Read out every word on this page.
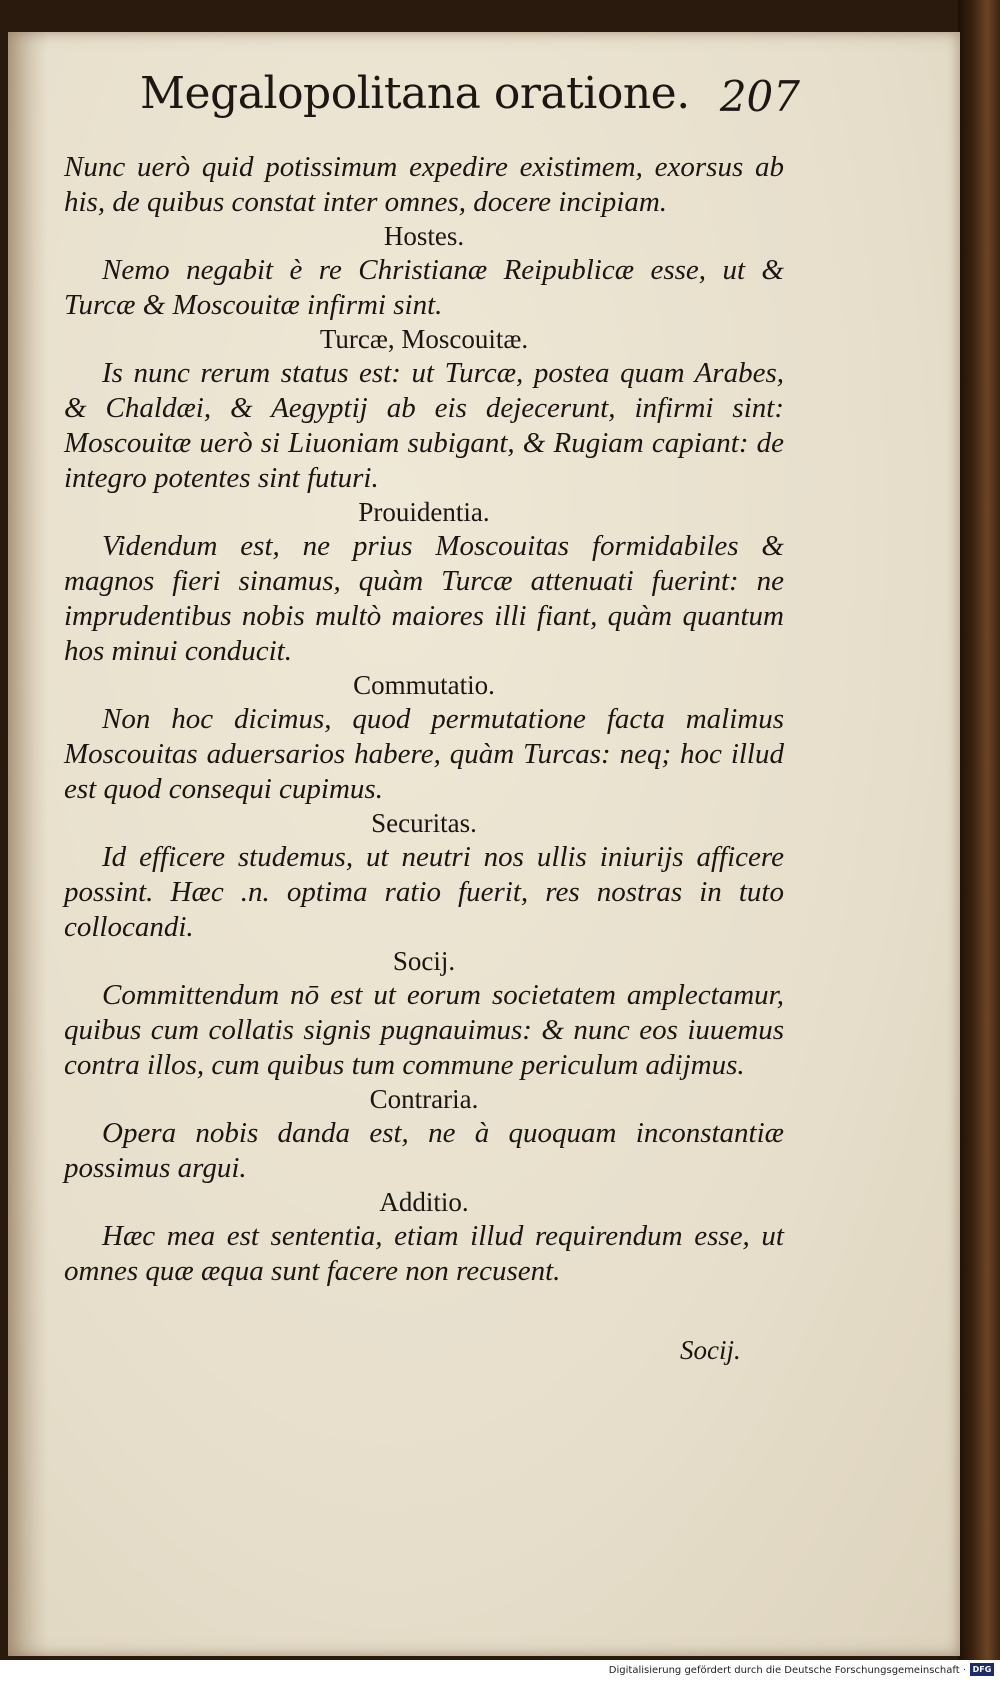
Megalopolitana oratione. 207

Nunc uerò quid potissimum expedire existimem, exorsus ab his, de quibus constat inter omnes, docere incipiam.

Hostes.

Nemo negabit è re Christianæ Reipublicæ esse, ut & Turcæ & Moscouitæ infirmi sint.

Turcæ, Moscouitæ.

Is nunc rerum status est: ut Turcæ, postea quam Arabes, & Chaldæi, & Aegyptij ab eis dejecerunt, infirmi sint: Moscouitæ uerò si Liuoniam subigant, & Rugiam capiant: de integro potentes sint futuri.

Prouidentia.

Videndum est, ne prius Moscouitas formidabiles & magnos fieri sinamus, quàm Turcæ attenuati fuerint: ne imprudentibus nobis multò maiores illi fiant, quàm quantum hos minui conducit.

Commutatio.

Non hoc dicimus, quod permutatione facta malimus Moscouitas aduersarios habere, quàm Turcas: neq; hoc illud est quod consequi cupimus.

Securitas.

Id efficere studemus, ut neutri nos ullis iniurijs afficere possint. Hæc .n. optima ratio fuerit, res nostras in tuto collocandi.

Socij.

Committendum nō est ut eorum societatem amplectamur, quibus cum collatis signis pugnauimus: & nunc eos iuuemus contra illos, cum quibus tum commune periculum adijmus.

Contraria.

Opera nobis danda est, ne à quoquam inconstantiæ possimus argui.

Additio.

Hæc mea est sententia, etiam illud requirendum esse, ut omnes quæ æqua sunt facere non recusent.

Socij.
Digitalisierung gefördert durch die Deutsche Forschungsgemeinschaft · DFG
